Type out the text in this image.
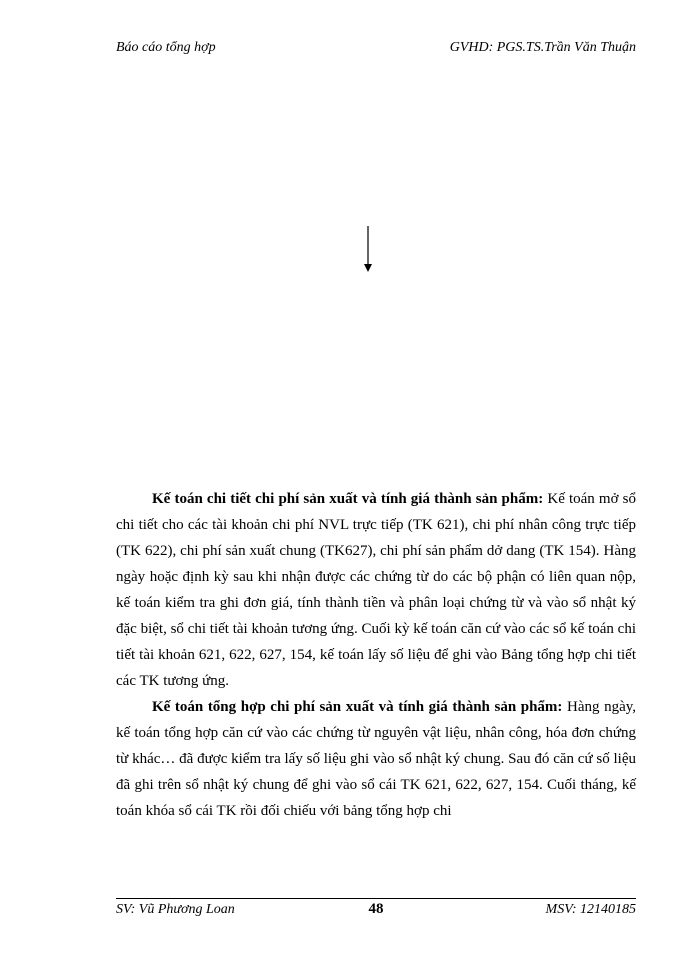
Báo cáo tổng hợp	GVHD: PGS.TS.Trần Văn Thuận

Kế toán chi tiết chi phí sản xuất và tính giá thành sản phẩm: Kế toán mở sổ chi tiết cho các tài khoản chi phí NVL trực tiếp (TK 621), chi phí nhân công trực tiếp (TK 622), chi phí sản xuất chung (TK627), chi phí sản phẩm dở dang (TK 154). Hàng ngày hoặc định kỳ sau khi nhận được các chứng từ do các bộ phận có liên quan nộp, kế toán kiểm tra ghi đơn giá, tính thành tiền và phân loại chứng từ và vào sổ nhật ký đặc biệt, sổ chi tiết tài khoản tương ứng. Cuối kỳ kế toán căn cứ vào các sổ kế toán chi tiết tài khoản 621, 622, 627, 154, kế toán lấy số liệu để ghi vào Bảng tổng hợp chi tiết các TK tương ứng.

Kế toán tổng hợp chi phí sản xuất và tính giá thành sản phẩm: Hàng ngày, kế toán tổng hợp căn cứ vào các chứng từ nguyên vật liệu, nhân công, hóa đơn chứng từ khác… đã được kiểm tra lấy số liệu ghi vào sổ nhật ký chung. Sau đó căn cứ số liệu đã ghi trên sổ nhật ký chung để ghi vào sổ cái TK 621, 622, 627, 154. Cuối tháng, kế toán khóa sổ cái TK rồi đối chiếu với bảng tổng hợp chi

SV: Vũ Phương Loan	48	MSV: 12140185
